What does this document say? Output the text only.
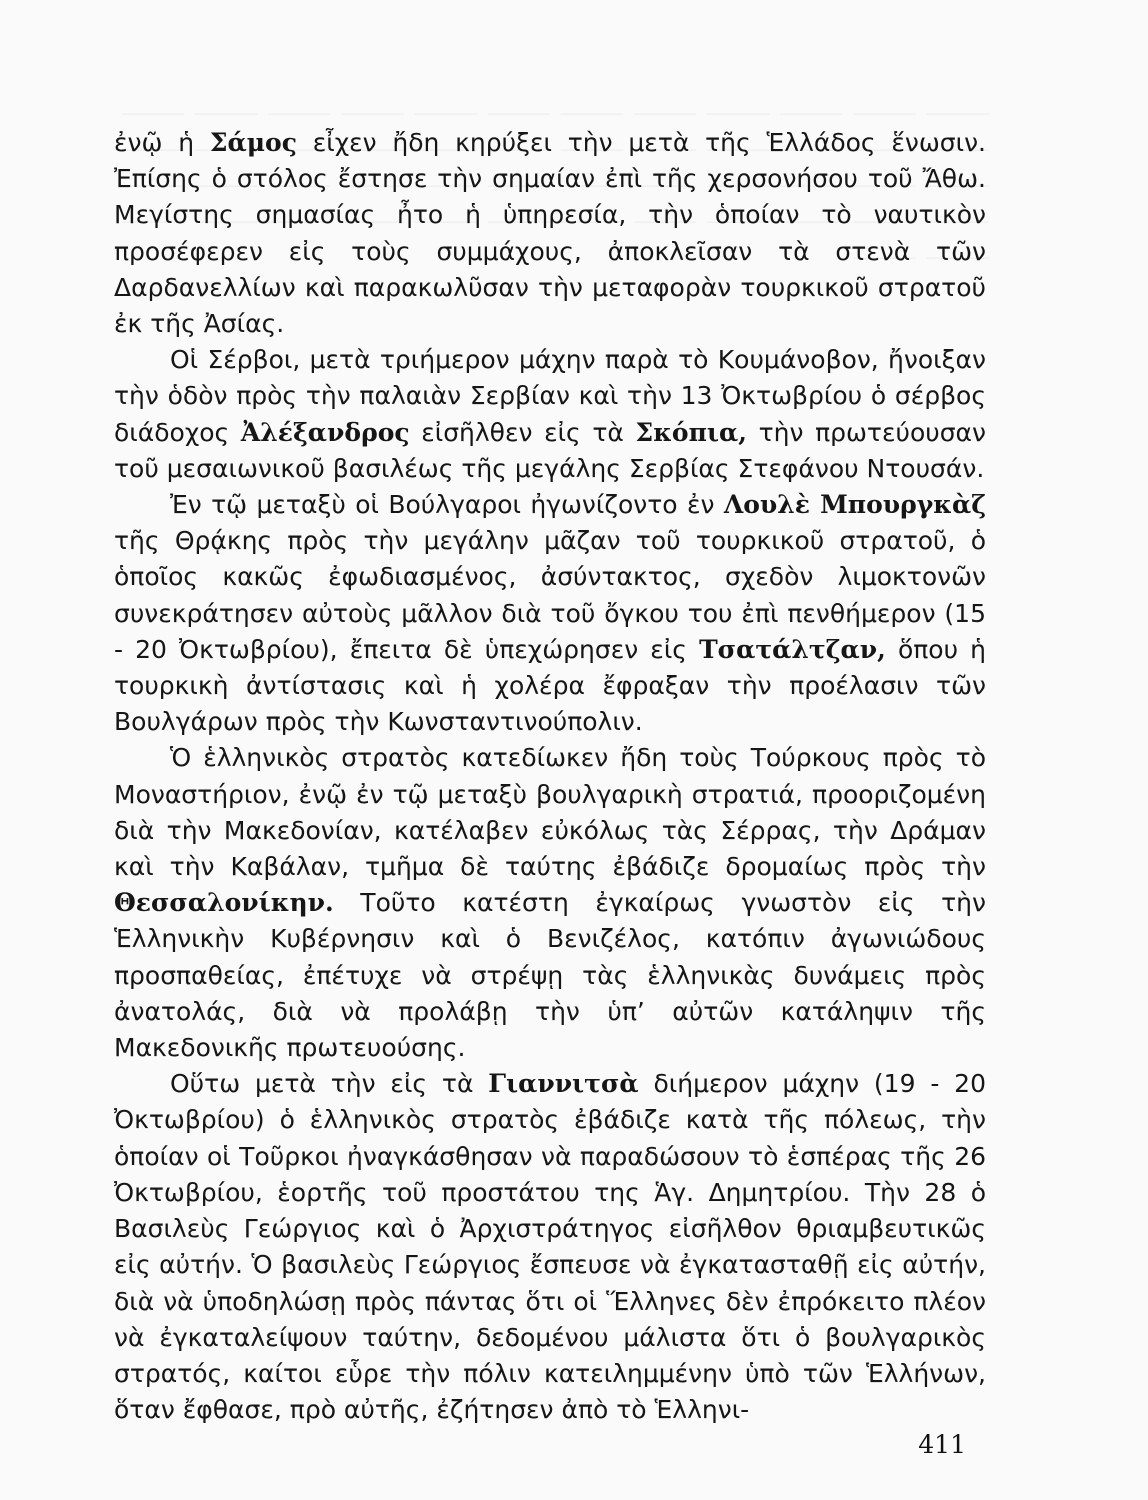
ἐνῷ ἡ Σάμος εἶχεν ἤδη κηρύξει τὴν μετὰ τῆς Ἑλλάδος ἕνωσιν. Ἐπίσης ὁ στόλος ἔστησε τὴν σημαίαν ἐπὶ τῆς χερσονήσου τοῦ Ἄθω. Μεγίστης σημασίας ἦτο ἡ ὑπηρεσία, τὴν ὁποίαν τὸ ναυτικὸν προσέφερεν εἰς τοὺς συμμάχους, ἀποκλεῖσαν τὰ στενὰ τῶν Δαρδανελλίων καὶ παρακωλῦσαν τὴν μεταφορὰν τουρκικοῦ στρατοῦ ἐκ τῆς Ἀσίας.

Οἱ Σέρβοι, μετὰ τριήμερον μάχην παρὰ τὸ Κουμάνοβον, ἤνοιξαν τὴν ὁδὸν πρὸς τὴν παλαιὰν Σερβίαν καὶ τὴν 13 Ὀκτωβρίου ὁ σέρβος διάδοχος Ἀλέξανδρος εἰσῆλθεν εἰς τὰ Σκόπια, τὴν πρωτεύουσαν τοῦ μεσαιωνικοῦ βασιλέως τῆς μεγάλης Σερβίας Στεφάνου Ντουσάν.

Ἐν τῷ μεταξὺ οἱ Βούλγαροι ἠγωνίζοντο ἐν Λουλὲ Μπουργκὰζ τῆς Θρᾴκης πρὸς τὴν μεγάλην μᾶζαν τοῦ τουρκικοῦ στρατοῦ, ὁ ὁποῖος κακῶς ἐφωδιασμένος, ἀσύντακτος, σχεδὸν λιμοκτονῶν συνεκράτησεν αὐτοὺς μᾶλλον διὰ τοῦ ὄγκου του ἐπὶ πενθήμερον (15 - 20 Ὀκτωβρίου), ἔπειτα δὲ ὑπεχώρησεν εἰς Τσατάλτζαν, ὅπου ἡ τουρκικὴ ἀντίστασις καὶ ἡ χολέρα ἔφραξαν τὴν προέλασιν τῶν Βουλγάρων πρὸς τὴν Κωνσταντινούπολιν.

Ὁ ἑλληνικὸς στρατὸς κατεδίωκεν ἤδη τοὺς Τούρκους πρὸς τὸ Μοναστήριον, ἐνῷ ἐν τῷ μεταξὺ βουλγαρικὴ στρατιά, προοριζομένη διὰ τὴν Μακεδονίαν, κατέλαβεν εὐκόλως τὰς Σέρρας, τὴν Δράμαν καὶ τὴν Καβάλαν, τμῆμα δὲ ταύτης ἐβάδιζε δρομαίως πρὸς τὴν Θεσσαλονίκην. Τοῦτο κατέστη ἐγκαίρως γνωστὸν εἰς τὴν Ἑλληνικὴν Κυβέρνησιν καὶ ὁ Βενιζέλος, κατόπιν ἀγωνιώδους προσπαθείας, ἐπέτυχε νὰ στρέψῃ τὰς ἑλληνικὰς δυνάμεις πρὸς ἀνατολάς, διὰ νὰ προλάβῃ τὴν ὑπ’ αὐτῶν κατάληψιν τῆς Μακεδονικῆς πρωτευούσης.

Οὕτω μετὰ τὴν εἰς τὰ Γιαννιτσὰ διήμερον μάχην (19 - 20 Ὀκτωβρίου) ὁ ἑλληνικὸς στρατὸς ἐβάδιζε κατὰ τῆς πόλεως, τὴν ὁποίαν οἱ Τοῦρκοι ἠναγκάσθησαν νὰ παραδώσουν τὸ ἑσπέρας τῆς 26 Ὀκτωβρίου, ἑορτῆς τοῦ προστάτου της Ἁγ. Δημητρίου. Τὴν 28 ὁ Βασιλεὺς Γεώργιος καὶ ὁ Ἀρχιστράτηγος εἰσῆλθον θριαμβευτικῶς εἰς αὐτήν. Ὁ βασιλεὺς Γεώργιος ἔσπευσε νὰ ἐγκατασταθῇ εἰς αὐτήν, διὰ νὰ ὑποδηλώσῃ πρὸς πάντας ὅτι οἱ Ἕλληνες δὲν ἐπρόκειτο πλέον νὰ ἐγκαταλείψουν ταύτην, δεδομένου μάλιστα ὅτι ὁ βουλγαρικὸς στρατός, καίτοι εὗρε τὴν πόλιν κατειλημμένην ὑπὸ τῶν Ἑλλήνων, ὅταν ἔφθασε, πρὸ αὐτῆς, ἐζήτησεν ἀπὸ τὸ Ἑλληνι-

411
